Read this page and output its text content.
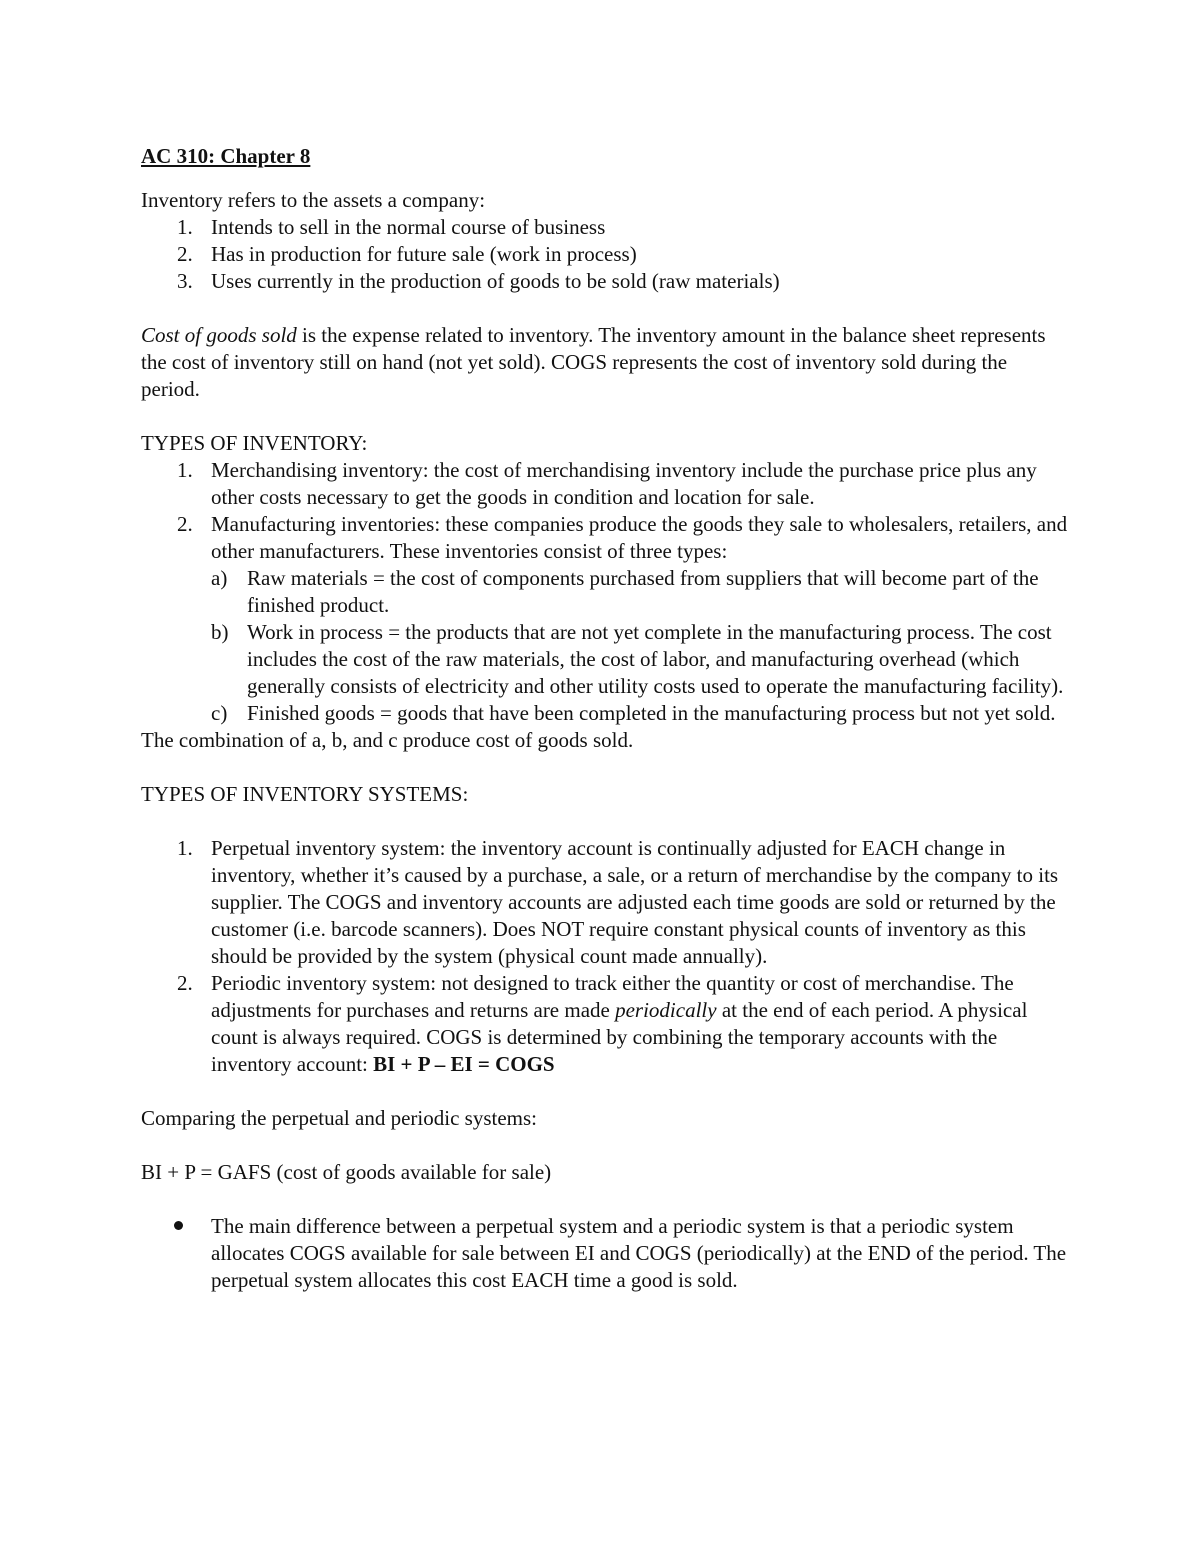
AC 310: Chapter 8

Inventory refers to the assets a company:

1. Intends to sell in the normal course of business
2. Has in production for future sale (work in process)
3. Uses currently in the production of goods to be sold (raw materials)

Cost of goods sold is the expense related to inventory. The inventory amount in the balance sheet represents the cost of inventory still on hand (not yet sold). COGS represents the cost of inventory sold during the period.

TYPES OF INVENTORY:

1. Merchandising inventory: the cost of merchandising inventory include the purchase price plus any other costs necessary to get the goods in condition and location for sale.
2. Manufacturing inventories: these companies produce the goods they sale to wholesalers, retailers, and other manufacturers. These inventories consist of three types:
a) Raw materials = the cost of components purchased from suppliers that will become part of the finished product.
b) Work in process = the products that are not yet complete in the manufacturing process. The cost includes the cost of the raw materials, the cost of labor, and manufacturing overhead (which generally consists of electricity and other utility costs used to operate the manufacturing facility).
c) Finished goods = goods that have been completed in the manufacturing process but not yet sold.

The combination of a, b, and c produce cost of goods sold.

TYPES OF INVENTORY SYSTEMS:

1. Perpetual inventory system: the inventory account is continually adjusted for EACH change in inventory, whether it’s caused by a purchase, a sale, or a return of merchandise by the company to its supplier. The COGS and inventory accounts are adjusted each time goods are sold or returned by the customer (i.e. barcode scanners). Does NOT require constant physical counts of inventory as this should be provided by the system (physical count made annually).
2. Periodic inventory system: not designed to track either the quantity or cost of merchandise. The adjustments for purchases and returns are made periodically at the end of each period. A physical count is always required. COGS is determined by combining the temporary accounts with the inventory account: BI + P – EI = COGS

Comparing the perpetual and periodic systems:

BI + P = GAFS (cost of goods available for sale)

The main difference between a perpetual system and a periodic system is that a periodic system allocates COGS available for sale between EI and COGS (periodically) at the END of the period. The perpetual system allocates this cost EACH time a good is sold.
